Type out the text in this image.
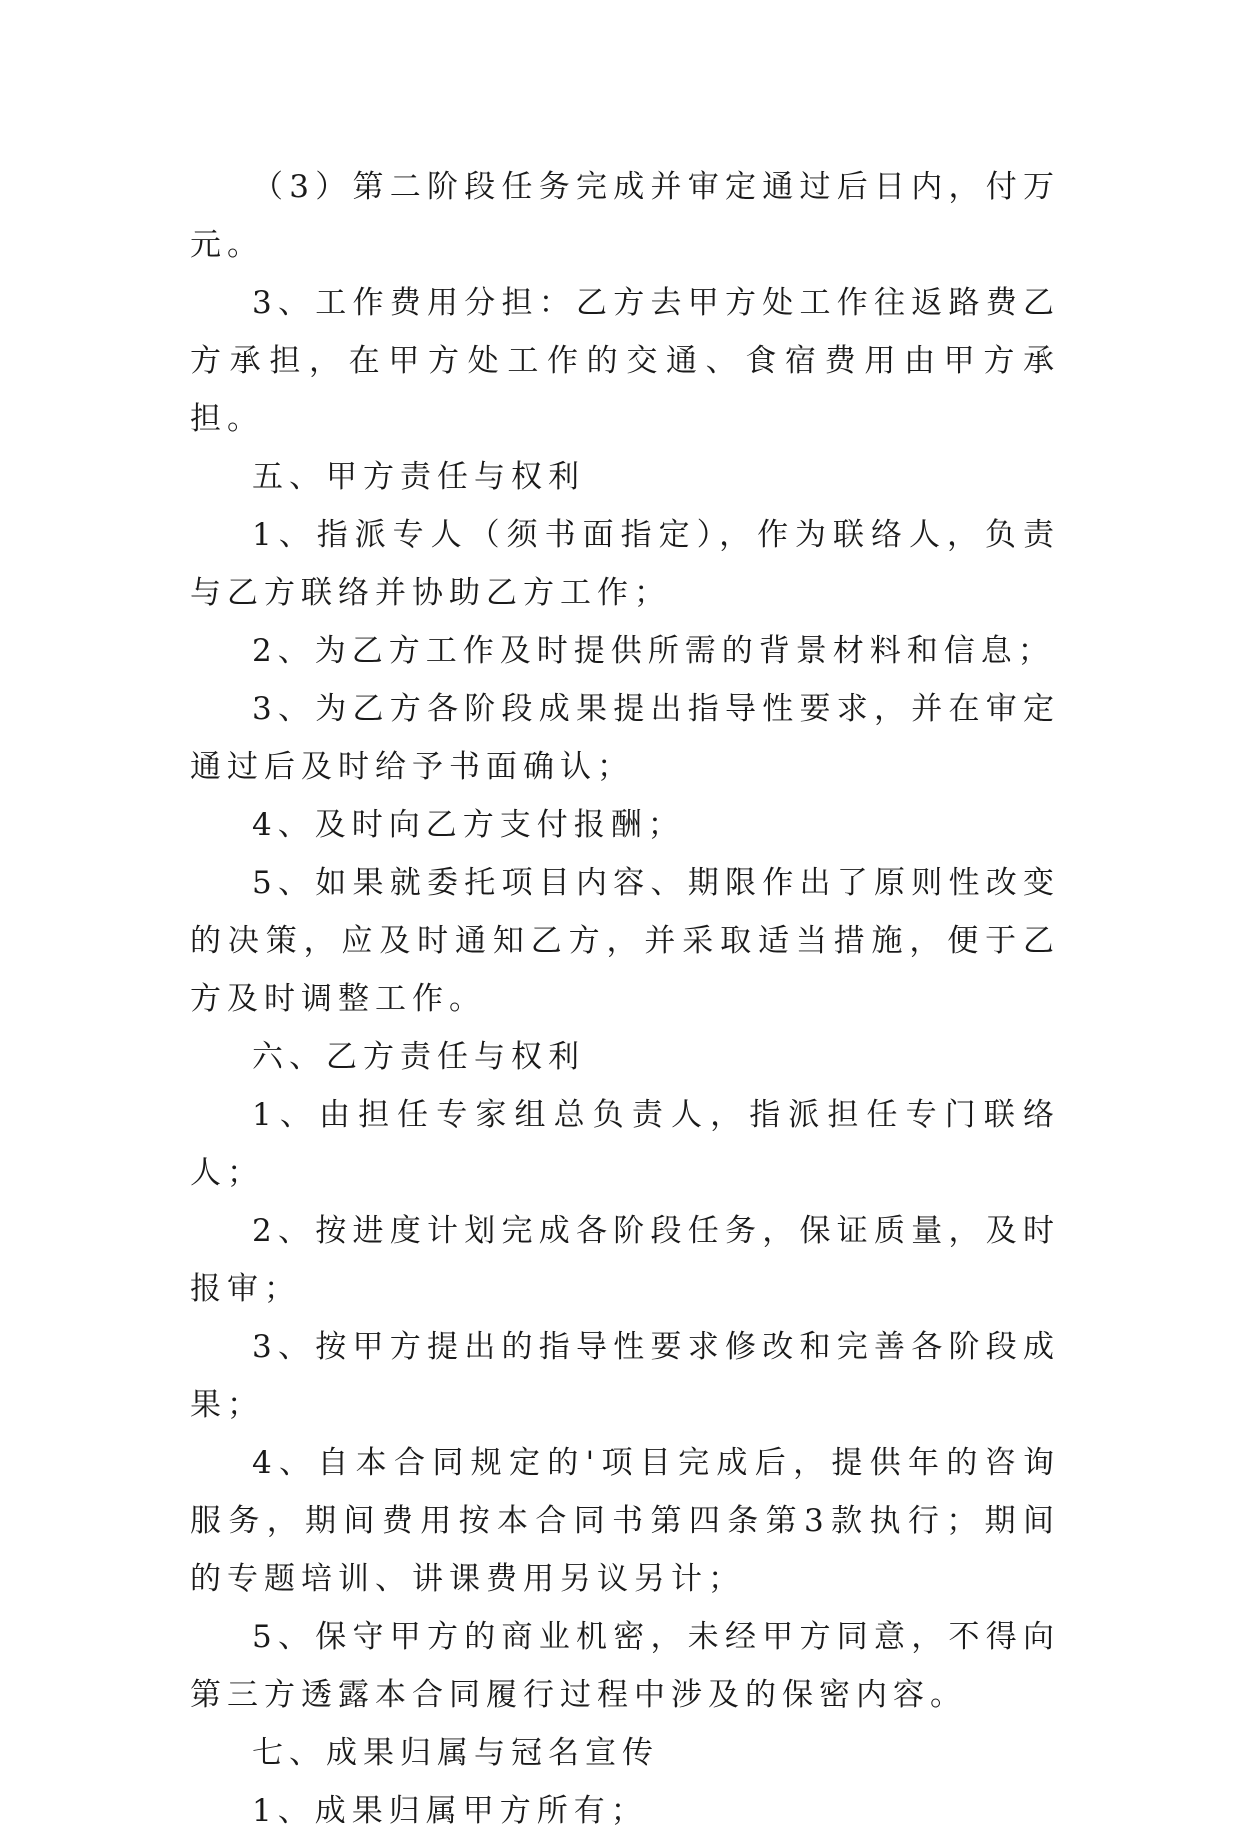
（3）第二阶段任务完成并审定通过后日内，付万元。

3、工作费用分担：乙方去甲方处工作往返路费乙方承担，在甲方处工作的交通、食宿费用由甲方承担。

五、甲方责任与权利

1、指派专人（须书面指定），作为联络人，负责与乙方联络并协助乙方工作；

2、为乙方工作及时提供所需的背景材料和信息；

3、为乙方各阶段成果提出指导性要求，并在审定通过后及时给予书面确认；

4、及时向乙方支付报酬；

5、如果就委托项目内容、期限作出了原则性改变的决策，应及时通知乙方，并采取适当措施，便于乙方及时调整工作。

六、乙方责任与权利

1、由担任专家组总负责人，指派担任专门联络人；

2、按进度计划完成各阶段任务，保证质量，及时报审；

3、按甲方提出的指导性要求修改和完善各阶段成果；

4、自本合同规定的'项目完成后，提供年的咨询服务，期间费用按本合同书第四条第3款执行；期间的专题培训、讲课费用另议另计；

5、保守甲方的商业机密，未经甲方同意，不得向第三方透露本合同履行过程中涉及的保密内容。

七、成果归属与冠名宣传

1、成果归属甲方所有；
